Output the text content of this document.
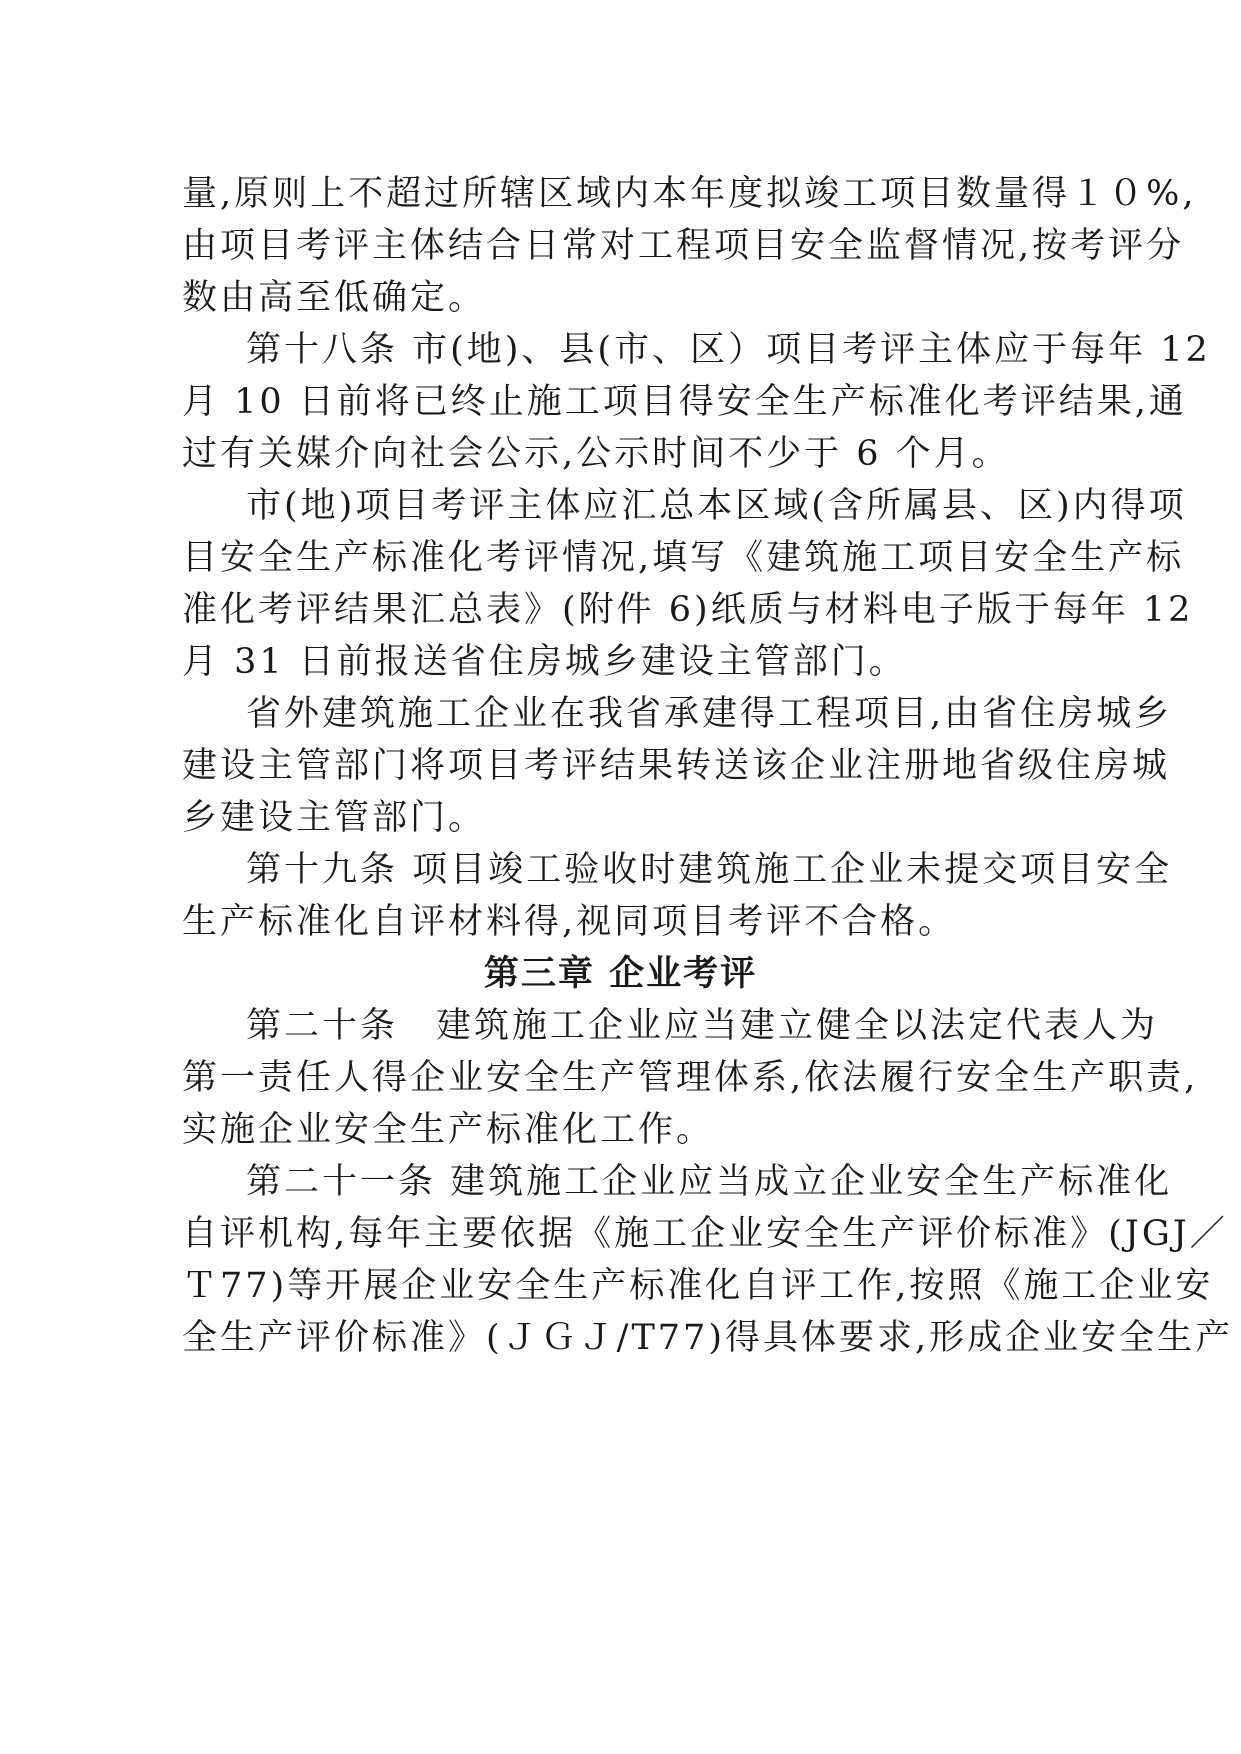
量,原则上不超过所辖区域内本年度拟竣工项目数量得１０%,
由项目考评主体结合日常对工程项目安全监督情况,按考评分
数由高至低确定。
第十八条 市(地)、县(市、区）项目考评主体应于每年 12
月 10 日前将已终止施工项目得安全生产标准化考评结果,通
过有关媒介向社会公示,公示时间不少于 6 个月。
市(地)项目考评主体应汇总本区域(含所属县、区)内得项
目安全生产标准化考评情况,填写《建筑施工项目安全生产标
准化考评结果汇总表》(附件 6)纸质与材料电子版于每年 12
月 31 日前报送省住房城乡建设主管部门。
省外建筑施工企业在我省承建得工程项目,由省住房城乡
建设主管部门将项目考评结果转送该企业注册地省级住房城
乡建设主管部门。
第十九条 项目竣工验收时建筑施工企业未提交项目安全
生产标准化自评材料得,视同项目考评不合格。
第三章 企业考评
第二十条　建筑施工企业应当建立健全以法定代表人为
第一责任人得企业安全生产管理体系,依法履行安全生产职责,
实施企业安全生产标准化工作。
第二十一条 建筑施工企业应当成立企业安全生产标准化
自评机构,每年主要依据《施工企业安全生产评价标准》(JGJ／
Ｔ77)等开展企业安全生产标准化自评工作,按照《施工企业安
全生产评价标准》(ＪＧＪ/T77)得具体要求,形成企业安全生产
